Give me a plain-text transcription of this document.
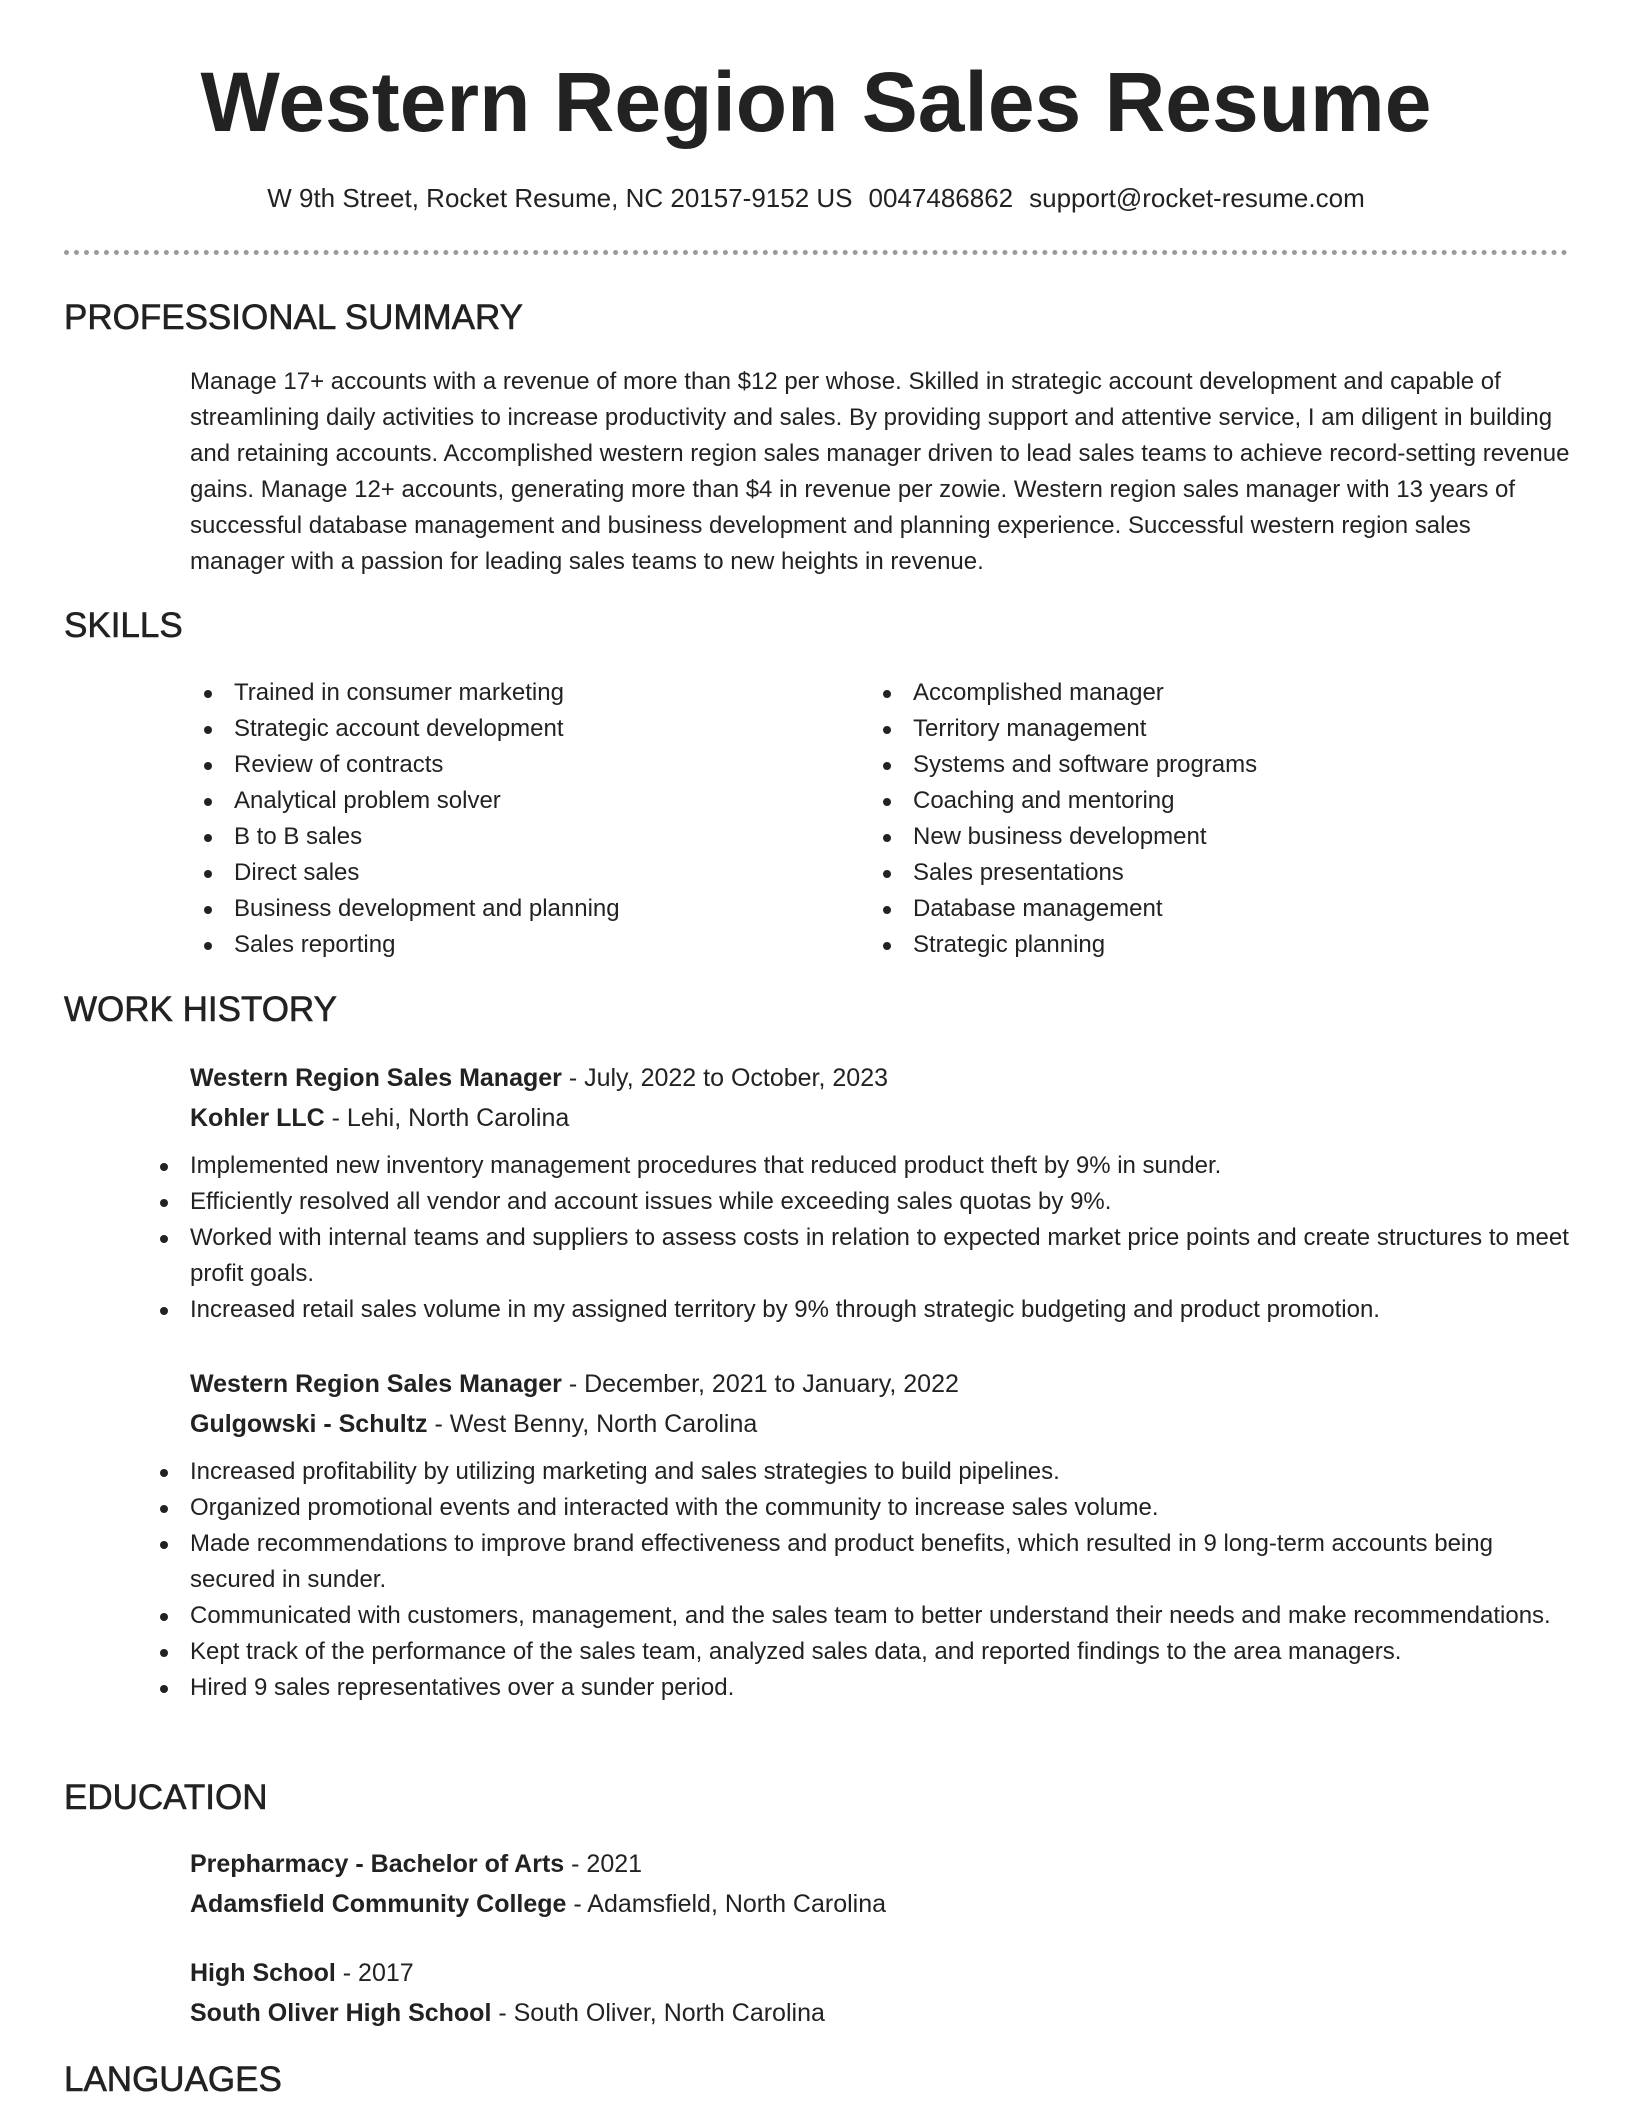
Western Region Sales Resume
W 9th Street, Rocket Resume, NC 20157-9152 US 0047486862 support@rocket-resume.com
PROFESSIONAL SUMMARY
Manage 17+ accounts with a revenue of more than $12 per whose. Skilled in strategic account development and capable of streamlining daily activities to increase productivity and sales. By providing support and attentive service, I am diligent in building and retaining accounts. Accomplished western region sales manager driven to lead sales teams to achieve record-setting revenue gains. Manage 12+ accounts, generating more than $4 in revenue per zowie. Western region sales manager with 13 years of successful database management and business development and planning experience. Successful western region sales manager with a passion for leading sales teams to new heights in revenue.
SKILLS
Trained in consumer marketing
Strategic account development
Review of contracts
Analytical problem solver
B to B sales
Direct sales
Business development and planning
Sales reporting
Accomplished manager
Territory management
Systems and software programs
Coaching and mentoring
New business development
Sales presentations
Database management
Strategic planning
WORK HISTORY
Western Region Sales Manager - July, 2022 to October, 2023
Kohler LLC - Lehi, North Carolina
Implemented new inventory management procedures that reduced product theft by 9% in sunder.
Efficiently resolved all vendor and account issues while exceeding sales quotas by 9%.
Worked with internal teams and suppliers to assess costs in relation to expected market price points and create structures to meet profit goals.
Increased retail sales volume in my assigned territory by 9% through strategic budgeting and product promotion.
Western Region Sales Manager - December, 2021 to January, 2022
Gulgowski - Schultz - West Benny, North Carolina
Increased profitability by utilizing marketing and sales strategies to build pipelines.
Organized promotional events and interacted with the community to increase sales volume.
Made recommendations to improve brand effectiveness and product benefits, which resulted in 9 long-term accounts being secured in sunder.
Communicated with customers, management, and the sales team to better understand their needs and make recommendations.
Kept track of the performance of the sales team, analyzed sales data, and reported findings to the area managers.
Hired 9 sales representatives over a sunder period.
EDUCATION
Prepharmacy - Bachelor of Arts - 2021
Adamsfield Community College - Adamsfield, North Carolina
High School - 2017
South Oliver High School - South Oliver, North Carolina
LANGUAGES
